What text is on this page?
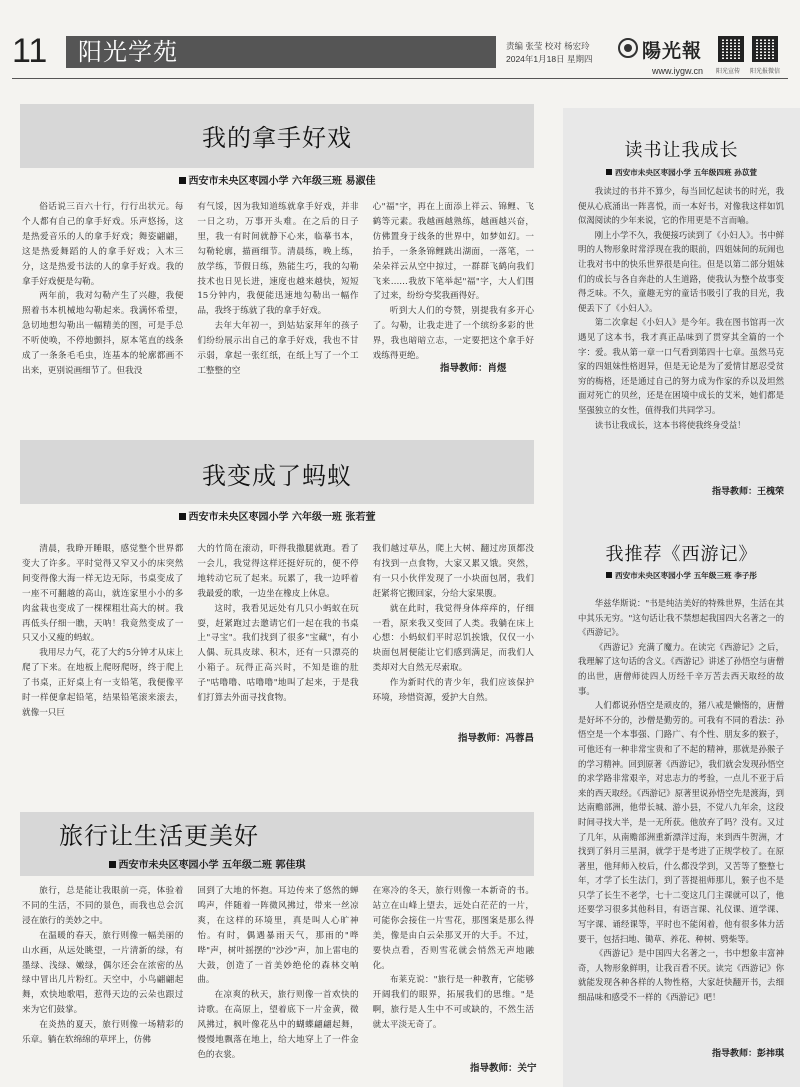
11	阳光学苑	责编 张莹 校对 杨宏玲
2024年1月18日 星期四	陽光報
www.iygw.cn 阳光宣传 阳光报微信
我的拿手好戏
西安市未央区枣园小学 六年级三班 易淑佳

俗话说三百六十行，行行出状元。每个人都有自己的拿手好戏。乐声悠扬，这是热爱音乐的人的拿手好戏；舞姿翩翩，这是热爱舞蹈的人的拿手好戏；入木三分，这是热爱书法的人的拿手好戏。我的拿手好戏便是勾勒。

两年前，我对勾勒产生了兴趣，我便照着书本机械地勾勒起来。我满怀希望，急切地想勾勒出一幅精美的图，可是手总不听使唤，不停地颤抖，原本笔直的线条成了一条条毛毛虫，连基本的轮廓都画不出来，更别说画细节了。但我没

有气馁，因为我知道练就拿手好戏，并非一日之功，万事开头难。在之后的日子里，我一有时间就静下心来，临摹书本，勾勒轮廓，描画细节。清晨练，晚上练，放学练，节假日练，熟能生巧，我的勾勒技术也日见长进，速度也越来越快，短短15分钟内，我便能迅速地勾勒出一幅作品，我终于练就了我的拿手好戏。

去年大年初一，到姑姑家拜年的孩子们纷纷展示出自己的拿手好戏，我也不甘示弱，拿起一张红纸，在纸上写了一个工工整整的空

心"福"字，再在上面添上祥云、锦鲤、飞鹤等元素。我越画越熟练，越画越兴奋，仿佛置身于线条的世界中，如梦如幻。一抬手，一条条锦鲤跳出湖面，一落笔，一朵朵祥云从空中掠过，一群群飞鹤向我们飞来……我放下笔举起"福"字，大人们围了过来，纷纷夸奖我画得好。

听到大人们的夸赞，别提我有多开心了。勾勒，让我走进了一个缤纷多彩的世界，我也暗暗立志，一定要把这个拿手好戏练得更绝。

指导教师：肖煜
我变成了蚂蚁
西安市未央区枣园小学 六年级一班 张若萱

清晨，我睁开睡眼，感觉整个世界都变大了许多。平时觉得又窄又小的床突然间变得像大海一样无边无际，书桌变成了一座不可翻越的高山，就连家里小小的多肉盆栽也变成了一棵棵粗壮高大的树。我再低头仔细一瞧，天呐！我竟然变成了一只又小又瘦的蚂蚁。

我用尽力气，花了大约5分钟才从床上爬了下来。在地板上爬呀爬呀，终于爬上了书桌，正好桌上有一支铅笔，我便像平时一样便拿起铅笔，结果铅笔滚来滚去，就像一只巨

大的竹筒在滚动，吓得我撒腿就跑。看了一会儿，我觉得这样还挺好玩的，便不停地转动它玩了起来。玩累了，我一边呼着我最爱的歌，一边坐在橡皮上休息。

这时，我看见远处有几只小蚂蚁在玩耍，赶紧跑过去邀请它们一起在我的书桌上"寻宝"。我们找到了很多"宝藏"，有小人偶、玩具皮球、积木，还有一只漂亮的小箱子。玩得正高兴时，不知是谁的肚子"咕噜噜、咕噜噜"地叫了起来，于是我们打算去外面寻找食物。

我们越过草丛，爬上大树、翻过房顶都没有找到一点食物，大家又累又饿。突然，有一只小伙伴发现了一小块面包屑，我们赶紧将它搬回家，分给大家果腹。

就在此时，我觉得身体痒痒的，仔细一看，原来我又变回了人类。我躺在床上心想：小蚂蚁们平时忍饥挨饿，仅仅一小块面包屑便能让它们感到满足，而我们人类却对大自然无尽索取。

作为新时代的青少年，我们应该保护环境，珍惜资源，爱护大自然。

指导教师：冯蓉昌
旅行让生活更美好
西安市未央区枣园小学 五年级二班 郭佳琪

旅行，总是能让我眼前一亮，体验着不同的生活，不同的景色，而我也总会沉浸在旅行的美妙之中。

在温暖的春天，旅行则像一幅美丽的山水画，从远处眺望，一片清新的绿，有墨绿、浅绿、嫩绿，偶尔还会在浓密的丛绿中冒出几片粉红。天空中，小鸟翩翩起舞，欢快地歌唱，惹得天边的云朵也跟过来为它们鼓掌。

在炎热的夏天，旅行则像一场精彩的乐章。躺在软绵绵的草坪上，仿佛

回到了大地的怀抱。耳边传来了悠然的蝉鸣声，伴随着一阵微风拂过，带来一丝凉爽，在这样的环境里，真是叫人心旷神怡。有时，偶遇暴雨天气，那雨的"哗哗"声，树叶摇摆的"沙沙"声，加上雷电的大鼓，创造了一首美妙绝伦的森林交响曲。

在凉爽的秋天，旅行则像一首欢快的诗歌。在高原上，望着底下一片金黄，微风拂过，枫叶像花丛中的蝴蝶翩翩起舞，慢慢地飘落在地上，给大地穿上了一件金色的衣裳。

在寒冷的冬天，旅行则像一本新奇的书。站立在山峰上望去，远处白茫茫的一片，可能你会接住一片雪花，那图案是那么得美，像是由白云朵那叉开的大手。不过，要快点看，否则雪花就会悄然无声地融化。

布莱克说："旅行是一种教育，它能够开阔我们的眼界，拓展我们的思维。"是啊，旅行是人生中不可或缺的，不然生活就太平淡无奇了。

指导教师：关宁
读书让我成长
西安市未央区枣园小学 五年级四班 孙苡萱

我读过的书并不算少，每当回忆起读书的时光，我便从心底涌出一阵喜悦，而一本好书，对像我这样如饥似渴阅读的少年来说，它的作用更是不言而喻。

刚上小学不久，我便接巧读到了《小妇人》。书中鲜明的人物形象时常浮现在我的眼前，四姐妹间的玩闹也让我对书中的快乐世界很是向往。但是以第二部分姐妹们的成长与各自奔赴的人生道路，使我认为整个故事变得乏味。不久，童趣无穷的童话书吸引了我的目光，我便丢下了《小妇人》。

第二次拿起《小妇人》是今年。我在图书馆再一次遇见了这本书，我才真正品味到了贯穿其全篇的一个字：爱。我从第一章一口气看到第四十七章。虽然马克家的四姐妹性格迥异，但是无论是为了爱情甘愿忍受贫穷的梅格，还是通过自己的努力成为作家的乔以及坦然面对死亡的贝丝，还是在困境中成长的艾米，她们都是坚强独立的女性，值得我们共同学习。

读书让我成长，这本书将使我终身受益！

指导教师：王槐荣
我推荐《西游记》
西安市未央区枣园小学 五年级三班 李子彤

华兹华斯说："书是纯洁美好的特殊世界，生活在其中其乐无穷。"这句话让我不禁想起我国四大名著之一的《西游记》。

《西游记》充满了魔力。在读完《西游记》之后，我理解了这句话的含义。《西游记》讲述了孙悟空与唐僧的出世，唐僧师徒四人历经千辛万苦去西天取经的故事。

人们都说孙悟空是顽皮的，猪八戒是懒惰的，唐僧是好坏不分的，沙僧是勤劳的。可我有不同的看法：孙悟空是一个本事强、门路广、有个性、朋友多的猴子，可他还有一种非常宝贵和了不起的精神，那就是孙猴子的学习精神。回到原著《西游记》，我们就会发现孙悟空的求学路非常艰辛，对忠志力的考验，一点儿不亚于后来的西天取经。《西游记》原著里说孙悟空先是渡海，到达南赡部洲，他带长城、游小县，不觉八九年余，这段时间寻找大半，是一无所获。他放弃了吗？没有。又过了几年，从南赡部洲重新漂洋过海，来到西牛贺洲，才找到了斜月三星洞，就学于是考进了正规学校了。在原著里，他拜师入校后，什么都没学到，又苦等了整整七年，才学了长生法门，到了菩提祖师那儿，猴子也不是只学了长生不老学，七十二变这几门主课就可以了，他还要学习很多其他科目，有语言课、礼仪课、道学课、写字课、诵经课等，平时也不能闲着，他有很多体力活要干，包括扫地、锄草、养花、种树、劈柴等。

《西游记》是中国四大名著之一，书中想象丰富神奇，人物形象鲜明，让我百看不厌。读完《西游记》你就能发现各种各样的人物性格，大家赶快翻开书，去细细品味和感受不一样的《西游记》吧！

指导教师：彭祎琪
